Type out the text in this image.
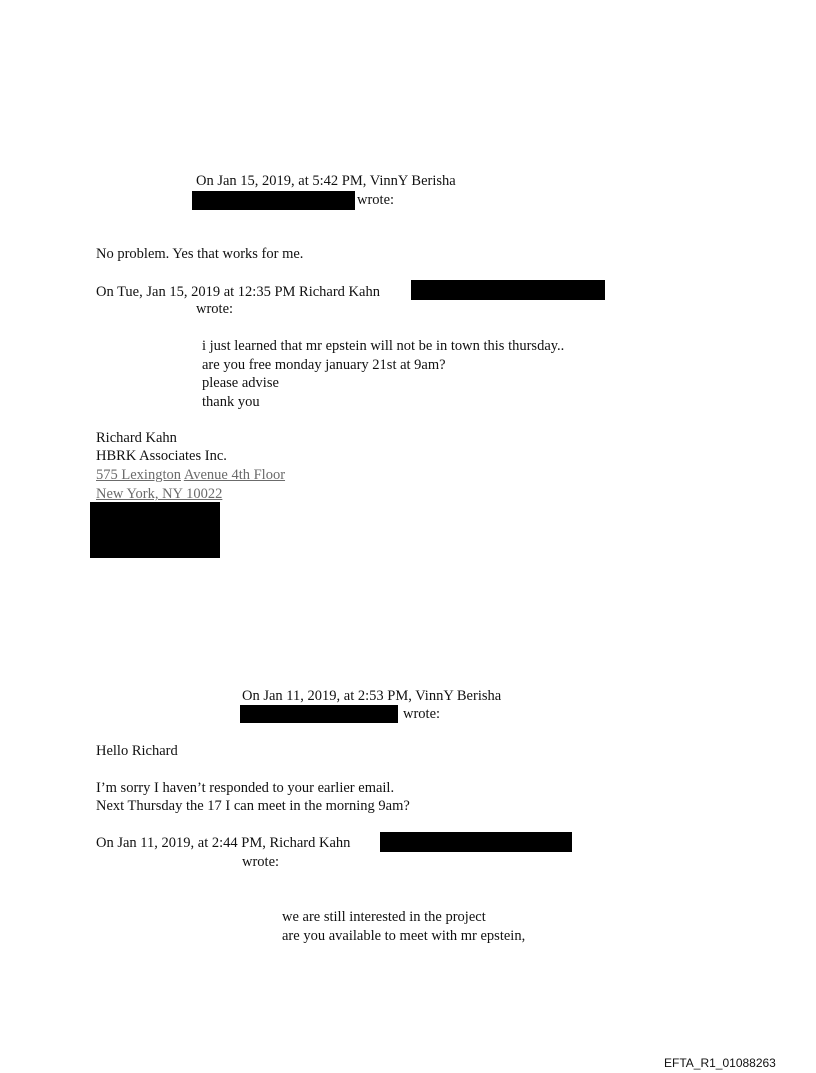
On Jan 15, 2019, at 5:42 PM, VinnY Berisha
wrote:
No problem. Yes that works for me.
On Tue, Jan 15, 2019 at 12:35 PM Richard Kahn
wrote:
i just learned that mr epstein will not be in town this thursday..
are you free monday january 21st at 9am?
please advise
thank you
Richard Kahn
HBRK Associates Inc.
575 Lexington Avenue 4th Floor
New York, NY 10022
On Jan 11, 2019, at 2:53 PM, VinnY Berisha
wrote:
Hello Richard
I’m sorry I haven’t responded to your earlier email.
Next Thursday the 17 I can meet in the morning 9am?
On Jan 11, 2019, at 2:44 PM, Richard Kahn
wrote:
we are still interested in the project
are you available to meet with mr epstein,
EFTA_R1_01088263
